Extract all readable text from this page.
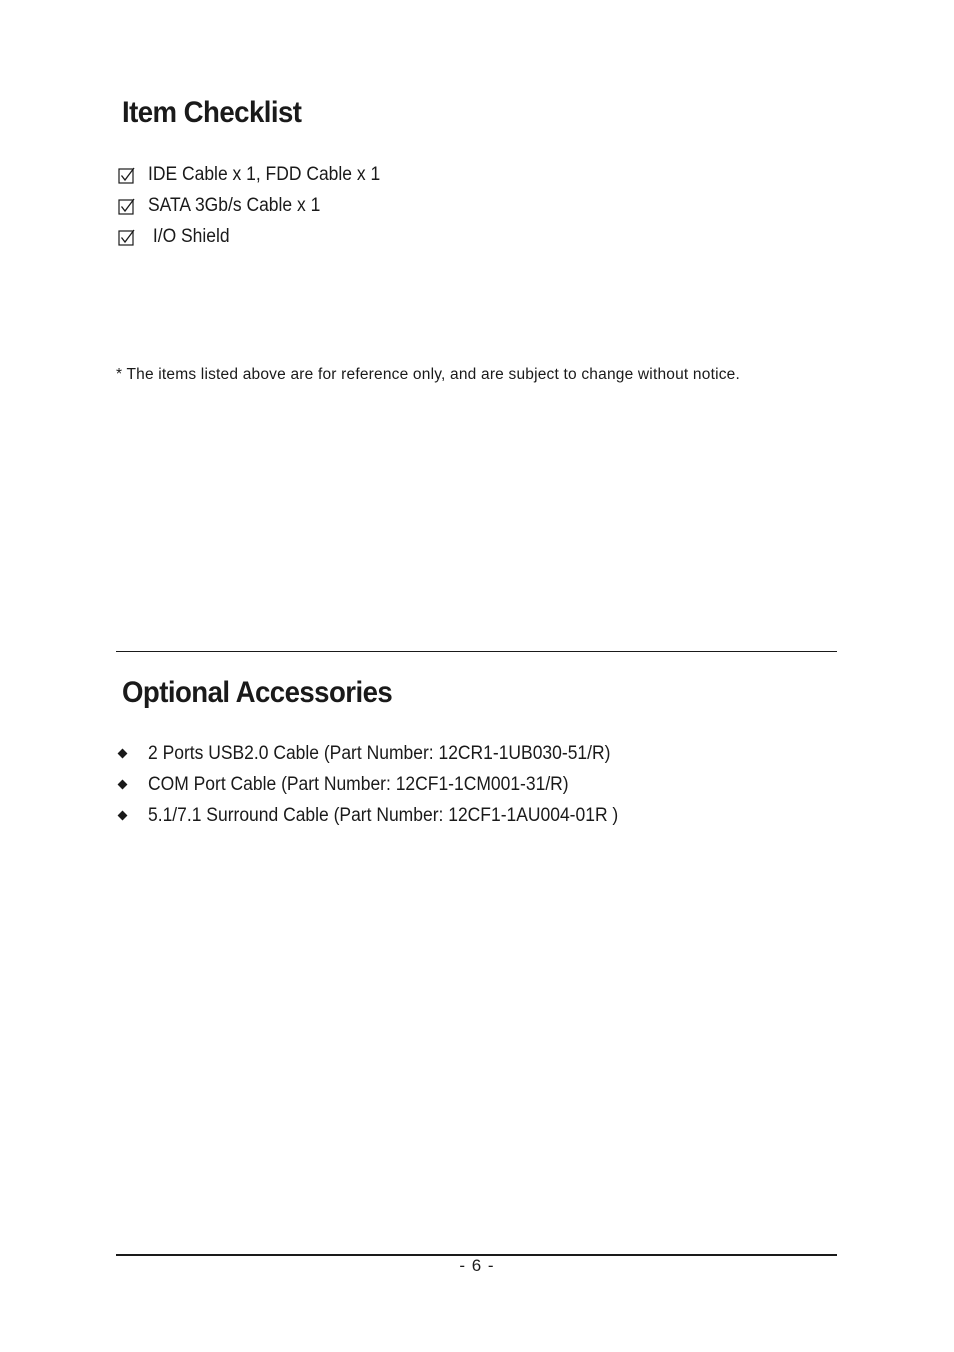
Item Checklist
IDE Cable x 1, FDD Cable x 1
SATA 3Gb/s Cable x 1
I/O Shield

* The items listed above are for reference only, and are subject to change without notice.

Optional Accessories
2 Ports USB2.0 Cable (Part Number: 12CR1-1UB030-51/R)
COM Port Cable (Part Number: 12CF1-1CM001-31/R)
5.1/7.1 Surround Cable (Part Number: 12CF1-1AU004-01R )
- 6 -
